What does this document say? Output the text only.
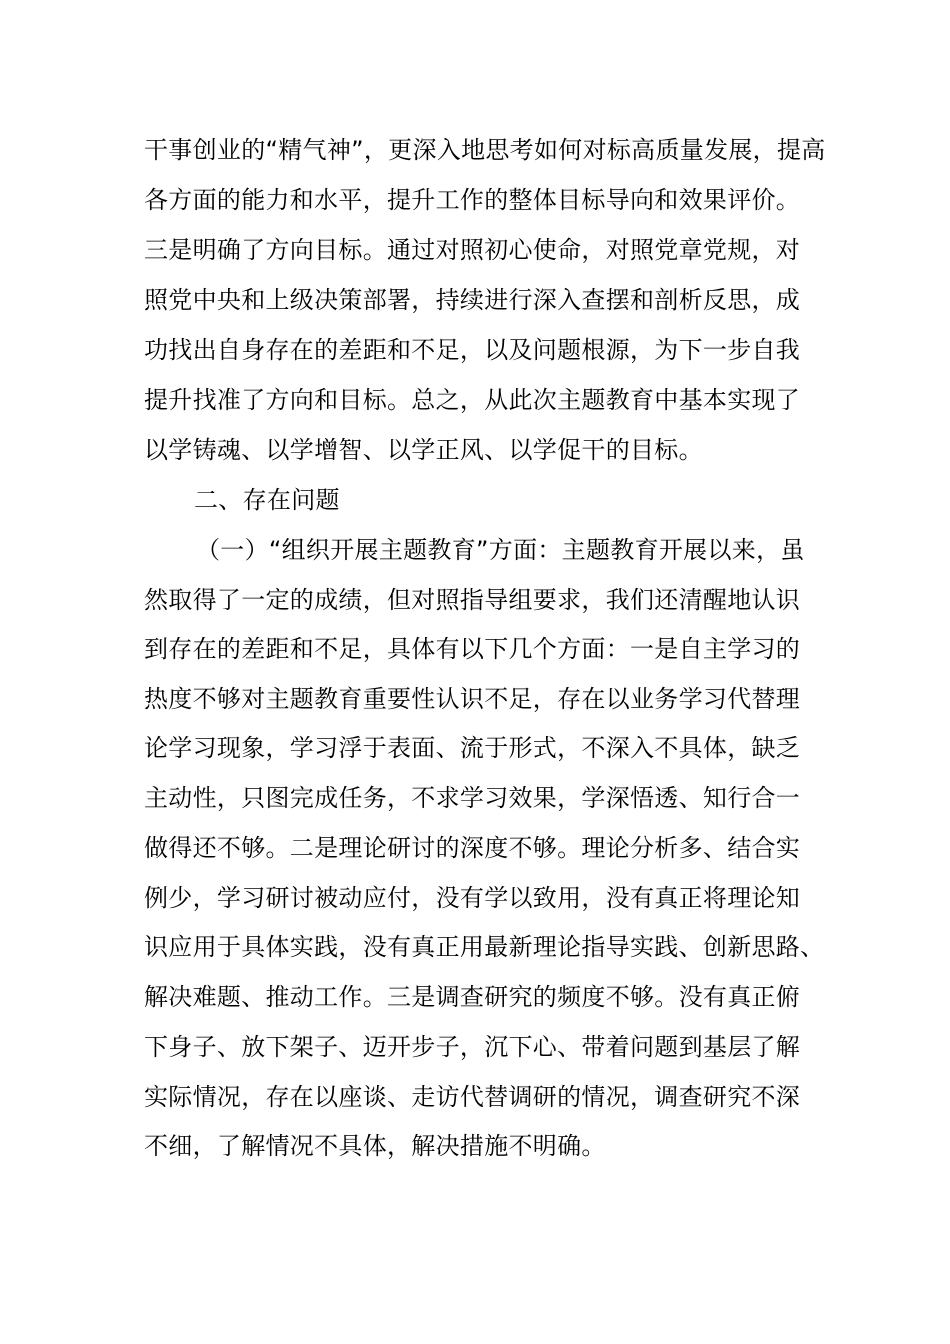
干事创业的“精气神”，更深入地思考如何对标高质量发展，提高
各方面的能力和水平，提升工作的整体目标导向和效果评价。
三是明确了方向目标。通过对照初心使命，对照党章党规，对
照党中央和上级决策部署，持续进行深入查摆和剖析反思，成
功找出自身存在的差距和不足，以及问题根源，为下一步自我
提升找准了方向和目标。总之，从此次主题教育中基本实现了
以学铸魂、以学增智、以学正风、以学促干的目标。
二、存在问题
（一）“组织开展主题教育”方面：主题教育开展以来，虽
然取得了一定的成绩，但对照指导组要求，我们还清醒地认识
到存在的差距和不足，具体有以下几个方面：一是自主学习的
热度不够对主题教育重要性认识不足，存在以业务学习代替理
论学习现象，学习浮于表面、流于形式，不深入不具体，缺乏
主动性，只图完成任务，不求学习效果，学深悟透、知行合一
做得还不够。二是理论研讨的深度不够。理论分析多、结合实
例少，学习研讨被动应付，没有学以致用，没有真正将理论知
识应用于具体实践，没有真正用最新理论指导实践、创新思路、
解决难题、推动工作。三是调查研究的频度不够。没有真正俯
下身子、放下架子、迈开步子，沉下心、带着问题到基层了解
实际情况，存在以座谈、走访代替调研的情况，调查研究不深
不细，了解情况不具体，解决措施不明确。
